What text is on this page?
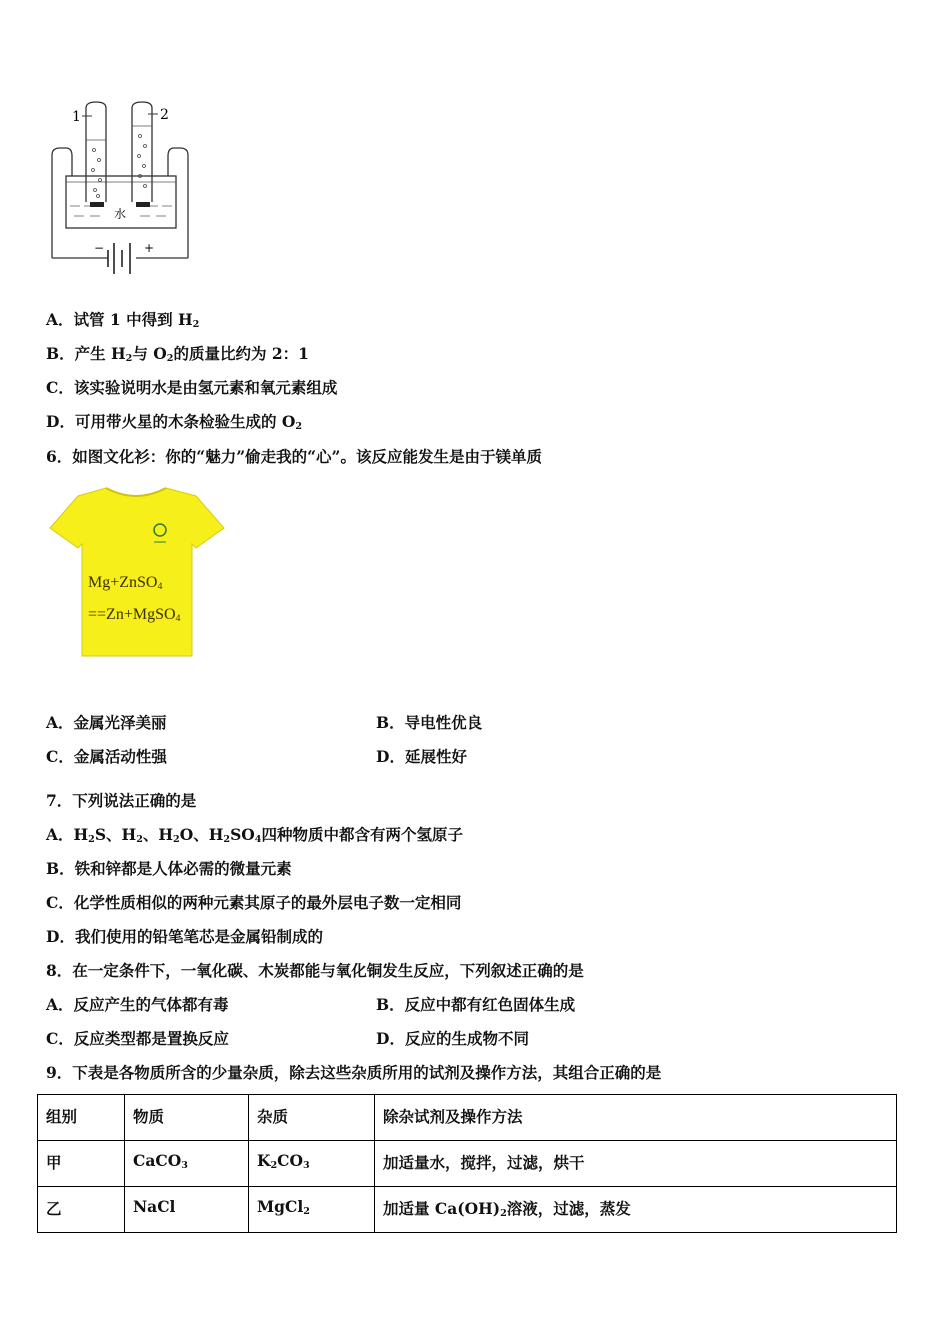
−	+
水
1	2
A．试管 1 中得到 $H_2$
B．产生 $H_2$与 $O_2$的质量比约为 2：1
C．该实验说明水是由氢元素和氧元素组成
D．可用带火星的木条检验生成的 $O_2$
6．如图文化衫：你的“魅力”偷走我的“心”。该反应能发生是由于镁单质
Mg+ZnSO$_4$
==Zn+MgSO$_4$
A．金属光泽美丽	B．导电性优良
C．金属活动性强	D．延展性好
7．下列说法正确的是
A．$H_2S$、$H_2$、$H_2O$、$H_2SO_4$四种物质中都含有两个氢原子
B．铁和锌都是人体必需的微量元素
C．化学性质相似的两种元素其原子的最外层电子数一定相同
D．我们使用的铅笔笔芯是金属铅制成的
8．在一定条件下，一氧化碳、木炭都能与氧化铜发生反应，下列叙述正确的是
A．反应产生的气体都有毒	B．反应中都有红色固体生成
C．反应类型都是置换反应	D．反应的生成物不同
9．下表是各物质所含的少量杂质，除去这些杂质所用的试剂及操作方法，其组合正确的是
组别	物质	杂质	除杂试剂及操作方法
甲	CaCO$_3$	$K_2CO_3$	加适量水，搅拌，过滤，烘干
乙	NaCl	MgCl$_2$	加适量 $Ca(OH)_2$溶液，过滤，蒸发
